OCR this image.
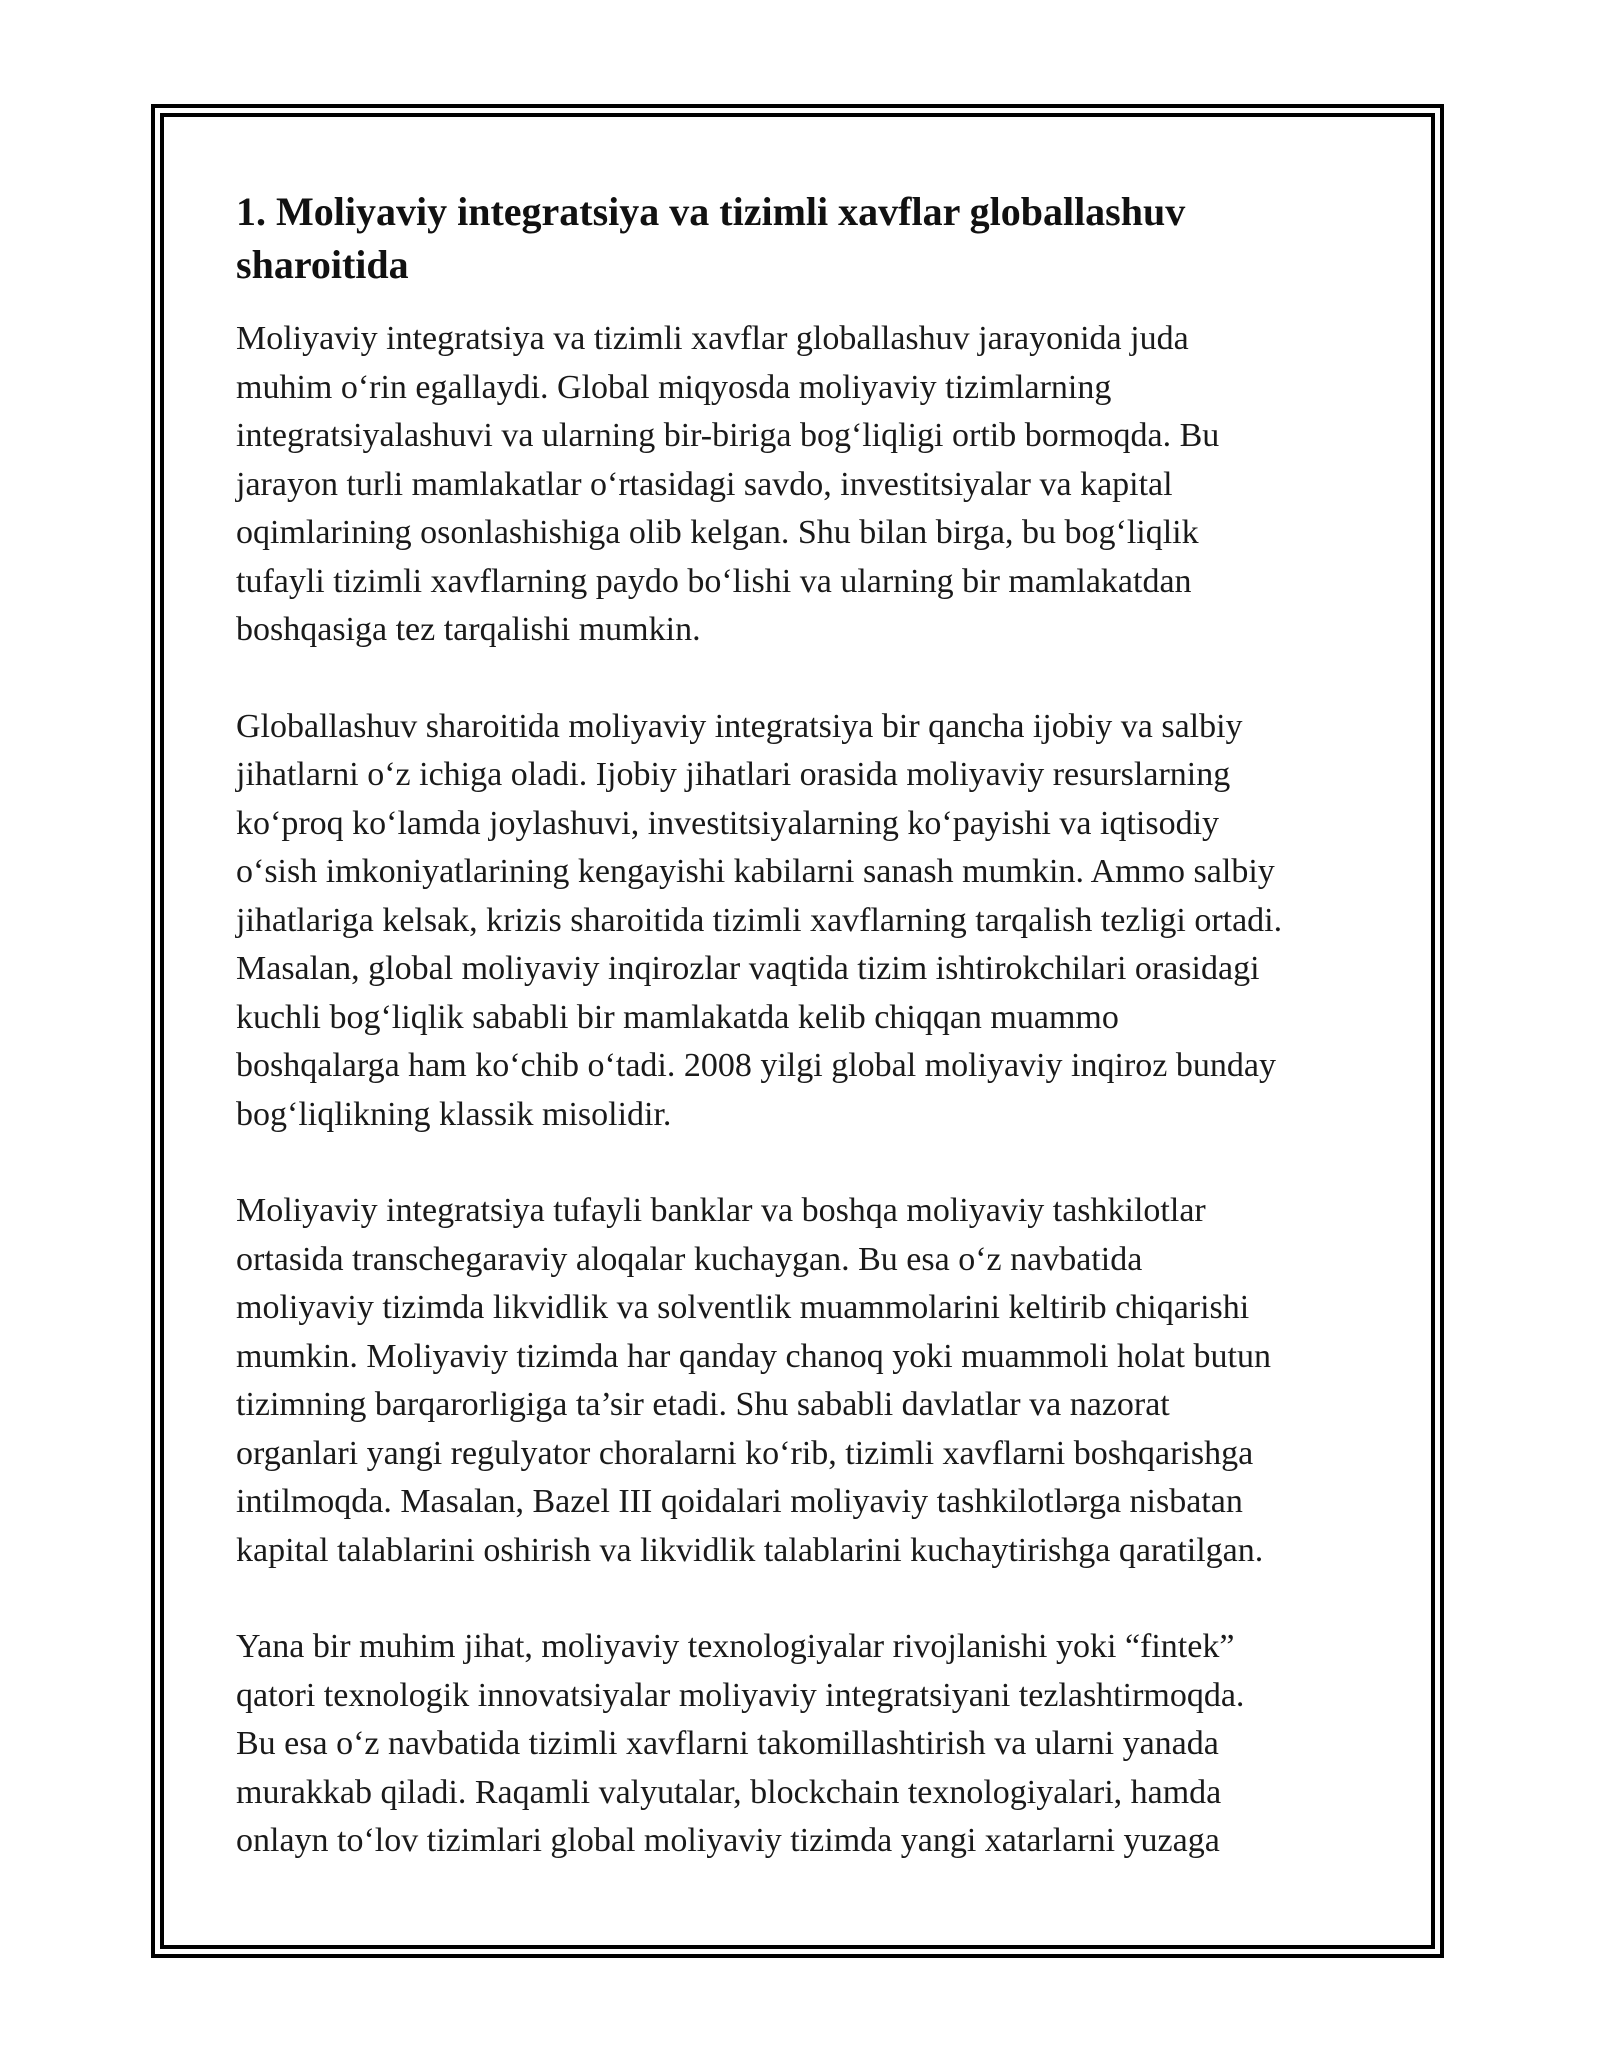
1. Moliyaviy integratsiya va tizimli xavflar globallashuv
sharoitida

Moliyaviy integratsiya va tizimli xavflar globallashuv jarayonida juda
muhim o‘rin egallaydi. Global miqyosda moliyaviy tizimlarning
integratsiyalashuvi va ularning bir-biriga bog‘liqligi ortib bormoqda. Bu
jarayon turli mamlakatlar o‘rtasidagi savdo, investitsiyalar va kapital
oqimlarining osonlashishiga olib kelgan. Shu bilan birga, bu bog‘liqlik
tufayli tizimli xavflarning paydo bo‘lishi va ularning bir mamlakatdan
boshqasiga tez tarqalishi mumkin.

Globallashuv sharoitida moliyaviy integratsiya bir qancha ijobiy va salbiy
jihatlarni o‘z ichiga oladi. Ijobiy jihatlari orasida moliyaviy resurslarning
ko‘proq ko‘lamda joylashuvi, investitsiyalarning ko‘payishi va iqtisodiy
o‘sish imkoniyatlarining kengayishi kabilarni sanash mumkin. Ammo salbiy
jihatlariga kelsak, krizis sharoitida tizimli xavflarning tarqalish tezligi ortadi.
Masalan, global moliyaviy inqirozlar vaqtida tizim ishtirokchilari orasidagi
kuchli bog‘liqlik sababli bir mamlakatda kelib chiqqan muammo
boshqalarga ham ko‘chib o‘tadi. 2008 yilgi global moliyaviy inqiroz bunday
bog‘liqlikning klassik misolidir.

Moliyaviy integratsiya tufayli banklar va boshqa moliyaviy tashkilotlar
ortasida transchegaraviy aloqalar kuchaygan. Bu esa o‘z navbatida
moliyaviy tizimda likvidlik va solventlik muammolarini keltirib chiqarishi
mumkin. Moliyaviy tizimda har qanday chanoq yoki muammoli holat butun
tizimning barqarorligiga ta’sir etadi. Shu sababli davlatlar va nazorat
organlari yangi regulyator choralarni ko‘rib, tizimli xavflarni boshqarishga
intilmoqda. Masalan, Bazel III qoidalari moliyaviy tashkilotlərga nisbatan
kapital talablarini oshirish va likvidlik talablarini kuchaytirishga qaratilgan.

Yana bir muhim jihat, moliyaviy texnologiyalar rivojlanishi yoki “fintek”
qatori texnologik innovatsiyalar moliyaviy integratsiyani tezlashtirmoqda.
Bu esa o‘z navbatida tizimli xavflarni takomillashtirish va ularni yanada
murakkab qiladi. Raqamli valyutalar, blockchain texnologiyalari, hamda
onlayn to‘lov tizimlari global moliyaviy tizimda yangi xatarlarni yuzaga
